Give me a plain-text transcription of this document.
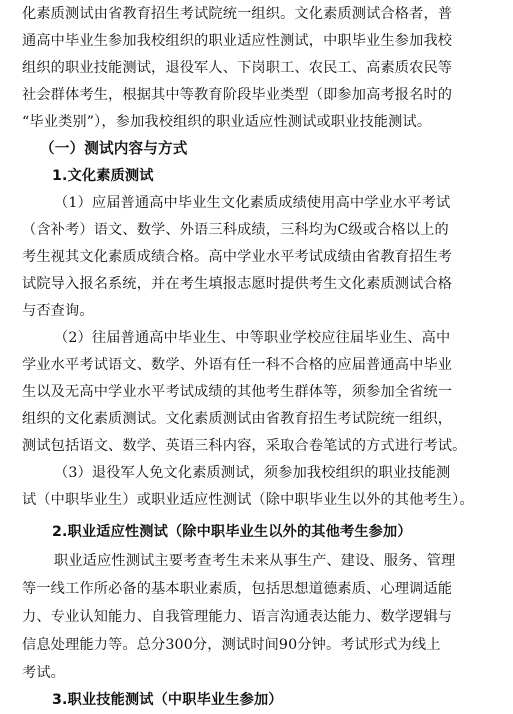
化素质测试由省教育招生考试院统一组织。文化素质测试合格者，普
通高中毕业生参加我校组织的职业适应性测试，中职毕业生参加我校
组织的职业技能测试，退役军人、下岗职工、农民工、高素质农民等
社会群体考生，根据其中等教育阶段毕业类型（即参加高考报名时的
“毕业类别”），参加我校组织的职业适应性测试或职业技能测试。
（一）测试内容与方式
1.文化素质测试
（1）应届普通高中毕业生文化素质成绩使用高中学业水平考试
（含补考）语文、数学、外语三科成绩，三科均为C级或合格以上的
考生视其文化素质成绩合格。高中学业水平考试成绩由省教育招生考
试院导入报名系统，并在考生填报志愿时提供考生文化素质测试合格
与否查询。
（2）往届普通高中毕业生、中等职业学校应往届毕业生、高中
学业水平考试语文、数学、外语有任一科不合格的应届普通高中毕业
生以及无高中学业水平考试成绩的其他考生群体等，须参加全省统一
组织的文化素质测试。文化素质测试由省教育招生考试院统一组织，
测试包括语文、数学、英语三科内容，采取合卷笔试的方式进行考试。
（3）退役军人免文化素质测试，须参加我校组织的职业技能测
试（中职毕业生）或职业适应性测试（除中职毕业生以外的其他考生）。
2.职业适应性测试（除中职毕业生以外的其他考生参加）
职业适应性测试主要考查考生未来从事生产、建设、服务、管理
等一线工作所必备的基本职业素质，包括思想道德素质、心理调适能
力、专业认知能力、自我管理能力、语言沟通表达能力、数学逻辑与
信息处理能力等。总分300分，测试时间90分钟。考试形式为线上
考试。
3.职业技能测试（中职毕业生参加）
